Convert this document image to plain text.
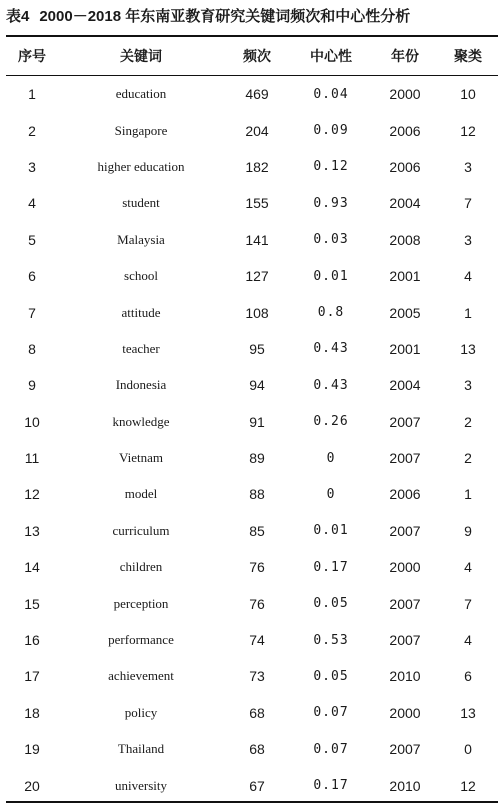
表4 2000－2018 年东南亚教育研究关键词频次和中心性分析
序号	关键词	频次	中心性	年份	聚类

1	education	469	0.04	2000	10
2	Singapore	204	0.09	2006	12
3	higher education	182	0.12	2006	3
4	student	155	0.93	2004	7
5	Malaysia	141	0.03	2008	3
6	school	127	0.01	2001	4
7	attitude	108	0.8	2005	1
8	teacher	95	0.43	2001	13
9	Indonesia	94	0.43	2004	3
10	knowledge	91	0.26	2007	2
11	Vietnam	89	0	2007	2
12	model	88	0	2006	1
13	curriculum	85	0.01	2007	9
14	children	76	0.17	2000	4
15	perception	76	0.05	2007	7
16	performance	74	0.53	2007	4
17	achievement	73	0.05	2010	6
18	policy	68	0.07	2000	13
19	Thailand	68	0.07	2007	0
20	university	67	0.17	2010	12
